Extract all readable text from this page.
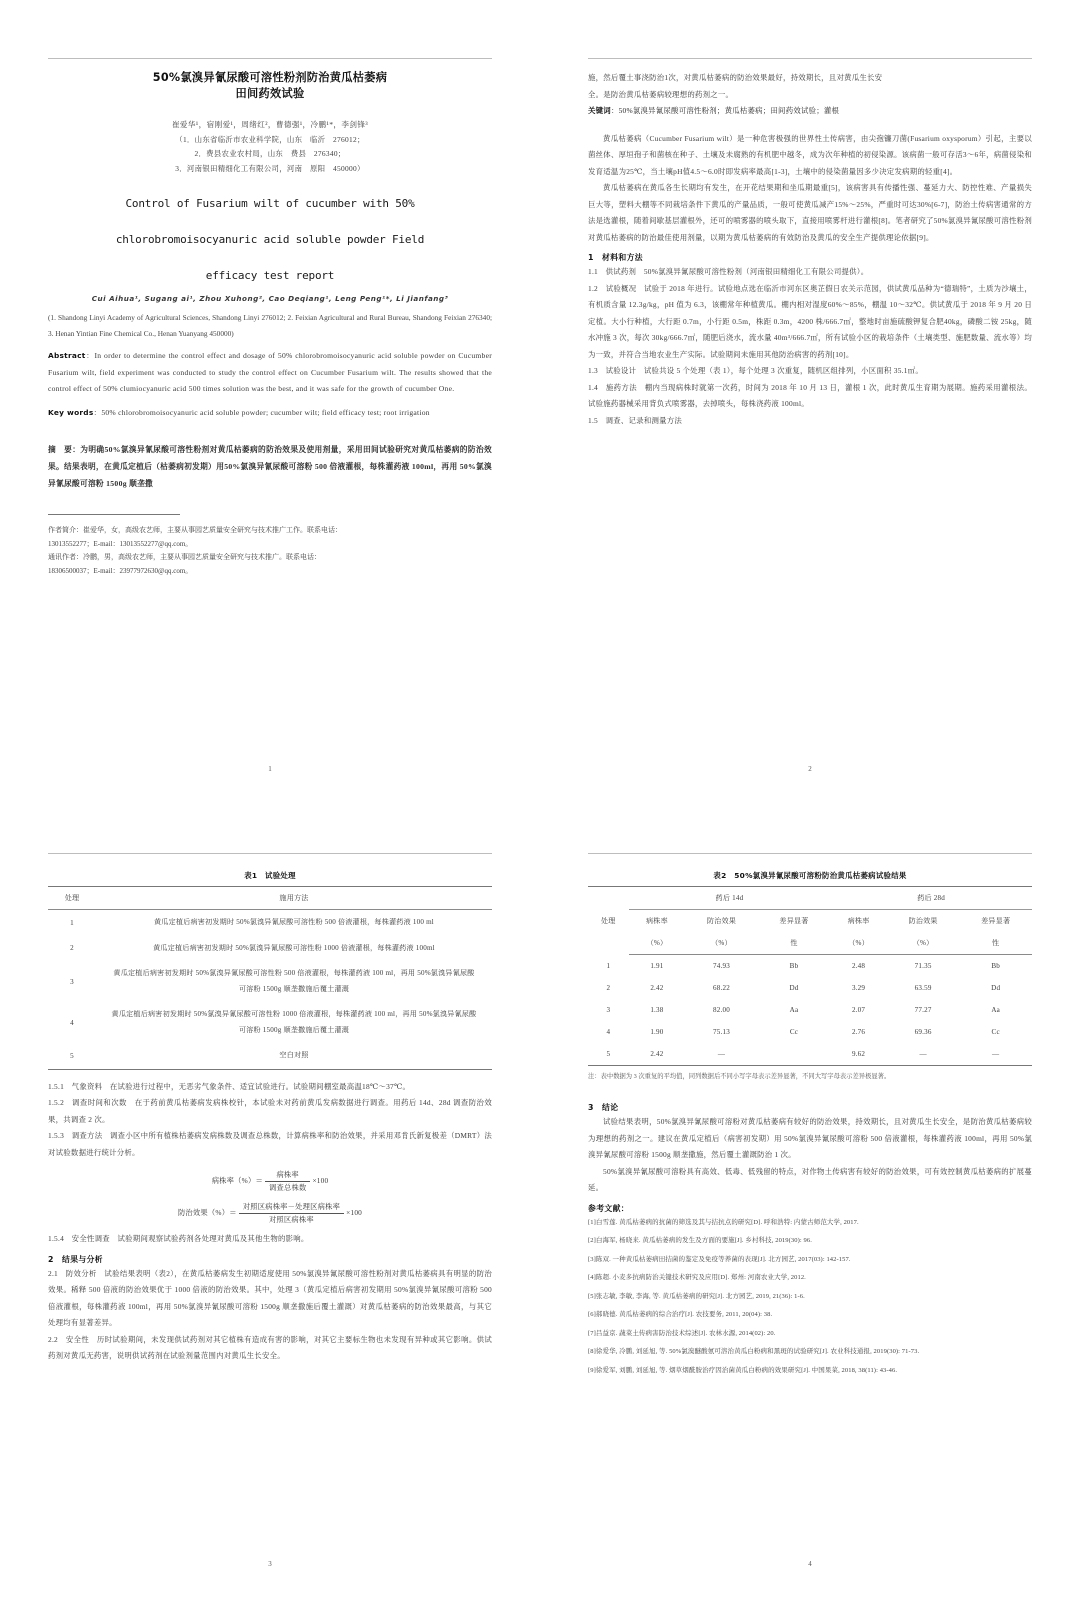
50%氯溴异氰尿酸可溶性粉剂防治黄瓜枯萎病
田间药效试验
崔爱华¹，宿刚爱¹，周绪红²，曹德强¹，冷鹏¹*，李剑锋³
（1．山东省临沂市农业科学院，山东　临沂　276012；
2．费县农业农村局，山东　费县　276340；
3．河南银田精细化工有限公司，河南　原阳　450000）
Control of Fusarium wilt of cucumber with 50%
chlorobromoisocyanuric acid soluble powder Field
efficacy test report
Cui Aihua¹, Sugang ai¹, Zhou Xuhong², Cao Deqiang¹, Leng Peng¹*, Li Jianfang³
(1. Shandong Linyi Academy of Agricultural Sciences, Shandong Linyi 276012; 2. Feixian Agricultural and Rural Bureau, Shandong Feixian 276340; 3. Henan Yintian Fine Chemical Co., Henan Yuanyang 450000)
Abstract：In order to determine the control effect and dosage of 50% chlorobromoisocyanuric acid soluble powder on Cucumber Fusarium wilt, field experiment was conducted to study the control effect on Cucumber Fusarium wilt. The results showed that the control effect of 50% clumiocyanuric acid 500 times solution was the best, and it was safe for the growth of cucumber One.
Key words：50% chlorobromoisocyanuric acid soluble powder; cucumber wilt; field efficacy test; root irrigation
摘　要：为明确50%氯溴异氰尿酸可溶性粉剂对黄瓜枯萎病的防治效果及使用剂量，采用田间试验研究对黄瓜枯萎病的防治效果。结果表明，在黄瓜定植后（枯萎病初发期）用50%氯溴异氰尿酸可溶粉 500 倍液灌根，每株灌药液 100ml，再用 50%氯溴异氰尿酸可溶粉 1500g 顺垄撒
作者简介：崔爱华，女，高级农艺师，主要从事园艺质量安全研究与技术推广工作。联系电话：
13013552277；E-mail：13013552277@qq.com。
通讯作者：冷鹏，男，高级农艺师，主要从事园艺质量安全研究与技术推广。联系电话：
18306500037；E-mail：23977972630@qq.com。
1
施，然后覆土事浇防治1次，对黄瓜枯萎病的防治效果最好，持效期长，且对黄瓜生长安
全。是防治黄瓜枯萎病较理想的药剂之一。
关键词：50%氯溴异氰尿酸可溶性粉剂；黄瓜枯萎病；田间药效试验；灌根
黄瓜枯萎病（Cucumber Fusarium wilt）是一种危害极强的世界性土传病害，由尖孢镰刀菌(Fusarium oxysporum）引起，主要以菌丝体、厚垣孢子和菌核在种子、土壤及未腐熟的有机肥中越冬，成为次年种植的初侵染源。该病菌一般可存活3～6年，病菌侵染和发育适温为25℃，当土壤pH值4.5～6.0时即发病率最高[1-3]，土壤中的侵染菌量因多少决定发病期的轻重[4]。
黄瓜枯萎病在黄瓜各生长期均有发生，在开花结果期和坐瓜期最重[5]，该病害具有传播性强、蔓延力大、防控性难、产量损失巨大等，塑料大棚等不同栽培条件下黄瓜的产量品质，一般可使黄瓜减产15%～25%，严重时可达30%[6-7]，防治土传病害通常的方法是选灌根，随着间歇基层灌根外，还可的喷雾器的喷头取下，直接用喷雾杆进行灌根[8]。笔者研究了50%氯溴异氰尿酸可溶性粉剂对黄瓜枯萎病的防治最佳使用剂量，以期为黄瓜枯萎病的有效防治及黄瓜的安全生产提供理论依据[9]。
1　材料和方法
1.1　供试药剂　50%氯溴异氰尿酸可溶性粉剂（河南银田精细化工有限公司提供）。
1.2　试验概况　试验于 2018 年进行。试验地点选在临沂市河东区奥芷假日农关示范园，供试黄瓜品种为“德瑞特”，土质为沙壤土，有机质含量 12.3g/kg，pH 值为 6.3，该棚常年种植黄瓜。棚内相对湿度60%～85%，棚温 10～32℃。供试黄瓜于 2018 年 9 月 20 日定植。大小行种植，大行距 0.7m，小行距 0.5m，株距 0.3m，4200 株/666.7㎡，整地时亩施硫酸钾复合肥40kg，磷酸二铵 25kg，随水冲施 3 次，每次 30kg/666.7㎡，随肥后浇水，流水量 40m³/666.7㎡，所有试验小区的栽培条件（土壤类型、施肥数量、流水等）均为一致，并符合当地农业生产实际。试验期间未施用其他防治病害的药剂[10]。
1.3　试验设计　试验共设 5 个处理（表 1），每个处理 3 次重复，随机区组排列，小区面积 35.1㎡。
1.4　施药方法　棚内当现病株时就第一次药，时间为 2018 年 10 月 13 日，灌根 1 次，此时黄瓜生育期为展期。施药采用灌根法。试验施药器械采用背负式喷雾器，去掉喷头，每株浇药液 100ml。
1.5　调查、记录和测量方法
2
表1　试验处理
处理	施用方法
1	黄瓜定植后病害初发期时 50%氯溴异氰尿酸可溶性粉 500 倍液灌根，每株灌药液 100 ml
2	黄瓜定植后病害初发期时 50%氯溴异氰尿酸可溶性粉 1000 倍液灌根，每株灌药液 100ml
3	黄瓜定植后病害初发期时 50%氯溴异氰尿酸可溶性粉 500 倍液灌根，每株灌药液 100 ml，再用 50%氯溴异氰尿酸可溶粉 1500g 顺垄撒施后覆土灌溉
4	黄瓜定植后病害初发期时 50%氯溴异氰尿酸可溶性粉 1000 倍液灌根，每株灌药液 100 ml，再用 50%氯溴异氰尿酸可溶粉 1500g 顺垄撒施后覆土灌溉
5	空白对照
1.5.1　气象资料　在试验进行过程中，无恶劣气象条件、适宜试验进行。试验期间棚室最高温18℃～37℃。
1.5.2　调查时间和次数　在于药前黄瓜枯萎病发病株校针，本试验未对药前黄瓜发病数据进行调查。用药后 14d、28d 调查防治效果，共调查 2 次。
1.5.3　调查方法　调查小区中所有植株枯萎病发病株数及调查总株数，计算病株率和防治效果，并采用邓肯氏新复极差（DMRT）法对试验数据进行统计分析。
病株率（%）＝ $\frac{\text{病株率}}{\text{调查总株数}} \times 100$
防治效果（%）＝ $\frac{\text{对照区病株率－处理区病株率}}{\text{对照区病株率}} \times 100$
1.5.4　安全性调查　试验期间观察试验药剂各处理对黄瓜及其他生物的影响。
2　结果与分析
2.1　防效分析　试验结果表明（表2），在黄瓜枯萎病发生初期适度使用 50%氯溴异氰尿酸可溶性粉剂对黄瓜枯萎病具有明显的防治效果。稀释 500 倍液的防治效果优于 1000 倍液的防治效果。其中，处理 3（黄瓜定植后病害初发期用 50%氯溴异氰尿酸可溶粉 500 倍液灌根，每株灌药液 100ml，再用 50%氯溴异氰尿酸可溶粉 1500g 顺垄撒施后覆土灌溉）对黄瓜枯萎病的防治效果最高，与其它处理均有显著差异。
2.2　安全性　历时试验期间，未发现供试药剂对其它植株有造成有害的影响，对其它主要标生物也未发现有异种或其它影响。供试药剂对黄瓜无药害，说明供试药剂在试验剂量范围内对黄瓜生长安全。
3
表2　50%氯溴异氰尿酸可溶粉防治黄瓜枯萎病试验结果
处理	药后 14d			药后 28d		
	病株率	防治效果	差异显著	病株率	防治效果	差异显著
	（%）	（%）	性	（%）	（%）	性
1	1.91	74.93	Bb	2.48	71.35	Bb
2	2.42	68.22	Dd	3.29	63.59	Dd
3	1.38	82.00	Aa	2.07	77.27	Aa
4	1.90	75.13	Cc	2.76	69.36	Cc
5	2.42	—		9.62	—	—
注：表中数据为 3 次重复的平均值，同列数据后不同小写字母表示差异显著，不同大写字母表示差异极显著。
3　结论
试验结果表明，50%氯溴异氰尿酸可溶粉对黄瓜枯萎病有较好的防治效果，持效期长，且对黄瓜生长安全，是防治黄瓜枯萎病较为理想的药剂之一。建议在黄瓜定植后（病害初发期）用 50%氯溴异氰尿酸可溶粉 500 倍液灌根，每株灌药液 100ml，再用 50%氯溴异氰尿酸可溶粉 1500g 顺垄撒施，然后覆土灌溉防治 1 次。
50%氯溴异氰尿酸可溶粉具有高效、低毒、低残留的特点，对作物土传病害有较好的防治效果，可有效控制黄瓜枯萎病的扩展蔓延。
参考文献：
[1]白雪莲. 黄瓜枯萎病的抗菌的筛选及其与拮抗点的研究[D]. 呼和浩特: 内蒙古师范大学, 2017.
[2]白海军, 杨晓来. 黄瓜枯萎病的发生及方面的要施[J]. 乡村科技, 2019(30): 96.
[3]陈双. 一种黄瓜枯萎病田拮菌的鉴定及免疫等养菌的表现[J]. 北方园艺, 2017(03): 142-157.
[4]陈超. 小麦多抗病防治关键技术研究及应用[D]. 郑州: 河南农业大学, 2012.
[5]张志敏, 李敏, 李海, 等. 黄瓜枯萎病的研究[J]. 北方园艺, 2019, 21(36): 1-6.
[6]郝晓德. 黄瓜枯萎病的综合治疗[J]. 农技要务, 2011, 20(04): 38.
[7]吕益京. 蔬菜土传病害防治技术综述[J]. 农林水源, 2014(02): 20.
[8]徐爱华, 冷鹏, 刘延旭, 等. 50%氯溴醚酸氨可溶治黄瓜白粉病和黑斑的试验研究[J]. 农业科技通报, 2019(30): 71-73.
[9]徐爱军, 刘鹏, 刘延旭, 等. 烟草烟酰胺治疗因治菌黄瓜白粉病的效果研究[J]. 中国果菜, 2018, 38(11): 43-46.
4
